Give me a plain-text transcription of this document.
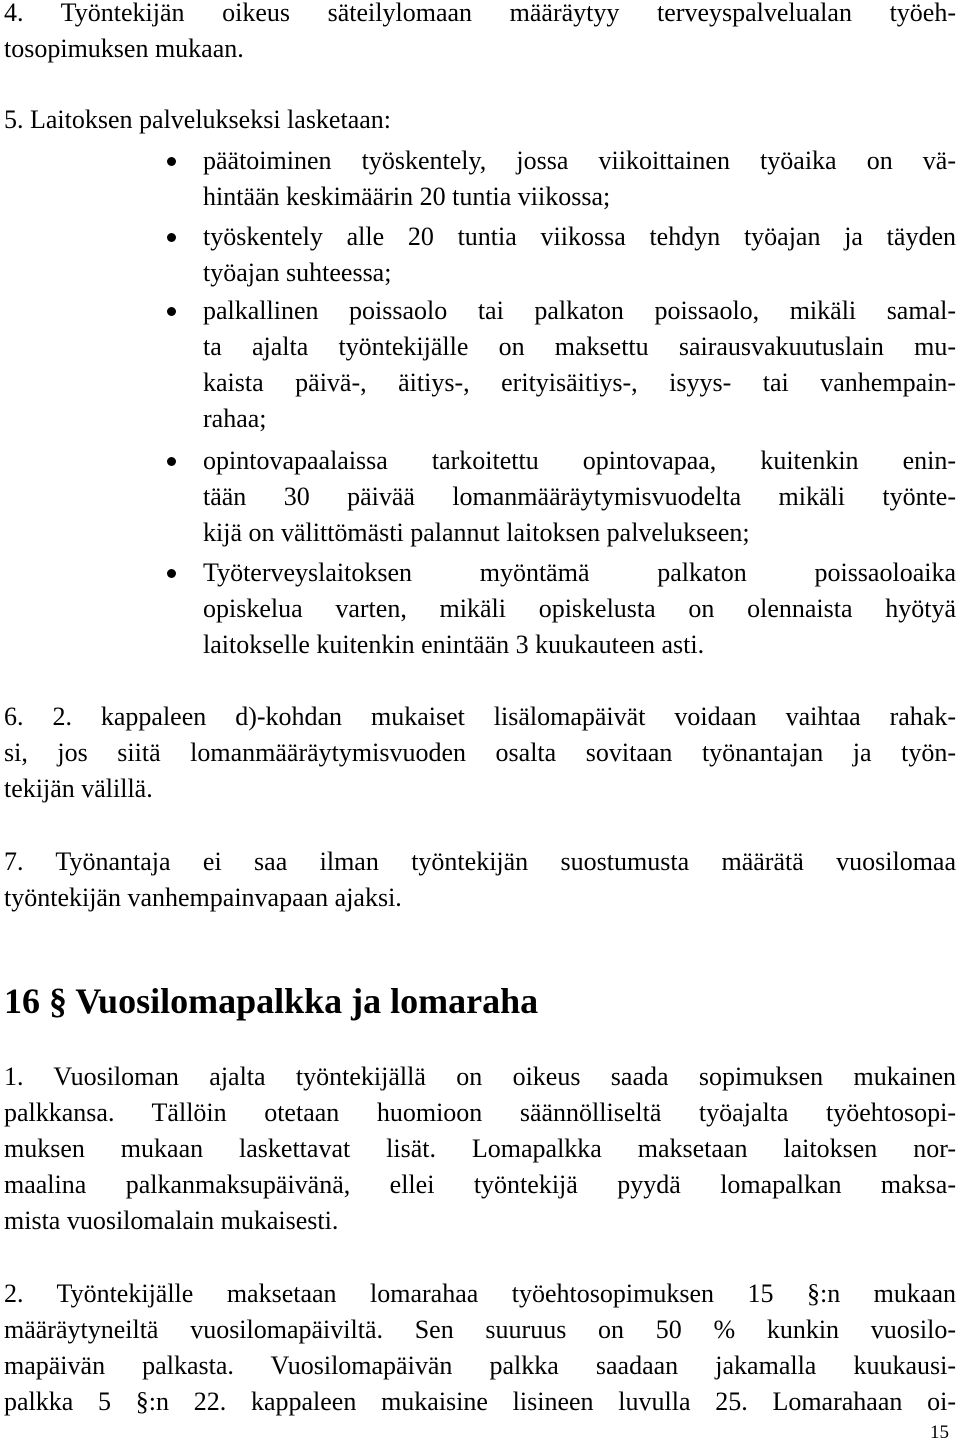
4. Työntekijän oikeus säteilylomaan määräytyy terveyspalvelualan työeh-

tosopimuksen mukaan.

5. Laitoksen palvelukseksi lasketaan:

päätoiminen työskentely, jossa viikoittainen työaika on vä-

hintään keskimäärin 20 tuntia viikossa;

työskentely alle 20 tuntia viikossa tehdyn työajan ja täyden

työajan suhteessa;

palkallinen poissaolo tai palkaton poissaolo, mikäli samal-

ta ajalta työntekijälle on maksettu sairausvakuutuslain mu-

kaista päivä-, äitiys-, erityisäitiys-, isyys- tai vanhempain-

rahaa;

opintovapaalaissa tarkoitettu opintovapaa, kuitenkin enin-

tään 30 päivää lomanmääräytymisvuodelta mikäli työnte-

kijä on välittömästi palannut laitoksen palvelukseen;

Työterveyslaitoksen myöntämä palkaton poissaoloaika

opiskelua varten, mikäli opiskelusta on olennaista hyötyä

laitokselle kuitenkin enintään 3 kuukauteen asti.

6. 2. kappaleen d)-kohdan mukaiset lisälomapäivät voidaan vaihtaa rahak-

si, jos siitä lomanmääräytymisvuoden osalta sovitaan työnantajan ja työn-

tekijän välillä.

7. Työnantaja ei saa ilman työntekijän suostumusta määrätä vuosilomaa

työntekijän vanhempainvapaan ajaksi.

16 § Vuosilomapalkka ja lomaraha

1. Vuosiloman ajalta työntekijällä on oikeus saada sopimuksen mukainen

palkkansa. Tällöin otetaan huomioon säännölliseltä työajalta työehtosopi-

muksen mukaan laskettavat lisät. Lomapalkka maksetaan laitoksen nor-

maalina palkanmaksupäivänä, ellei työntekijä pyydä lomapalkan maksa-

mista vuosilomalain mukaisesti.

2. Työntekijälle maksetaan lomarahaa työehtosopimuksen 15 §:n mukaan

määräytyneiltä vuosilomapäiviltä. Sen suuruus on 50 % kunkin vuosilo-

mapäivän palkasta. Vuosilomapäivän palkka saadaan jakamalla kuukausi-

palkka 5 §:n 22. kappaleen mukaisine lisineen luvulla 25. Lomarahaan oi-

15
